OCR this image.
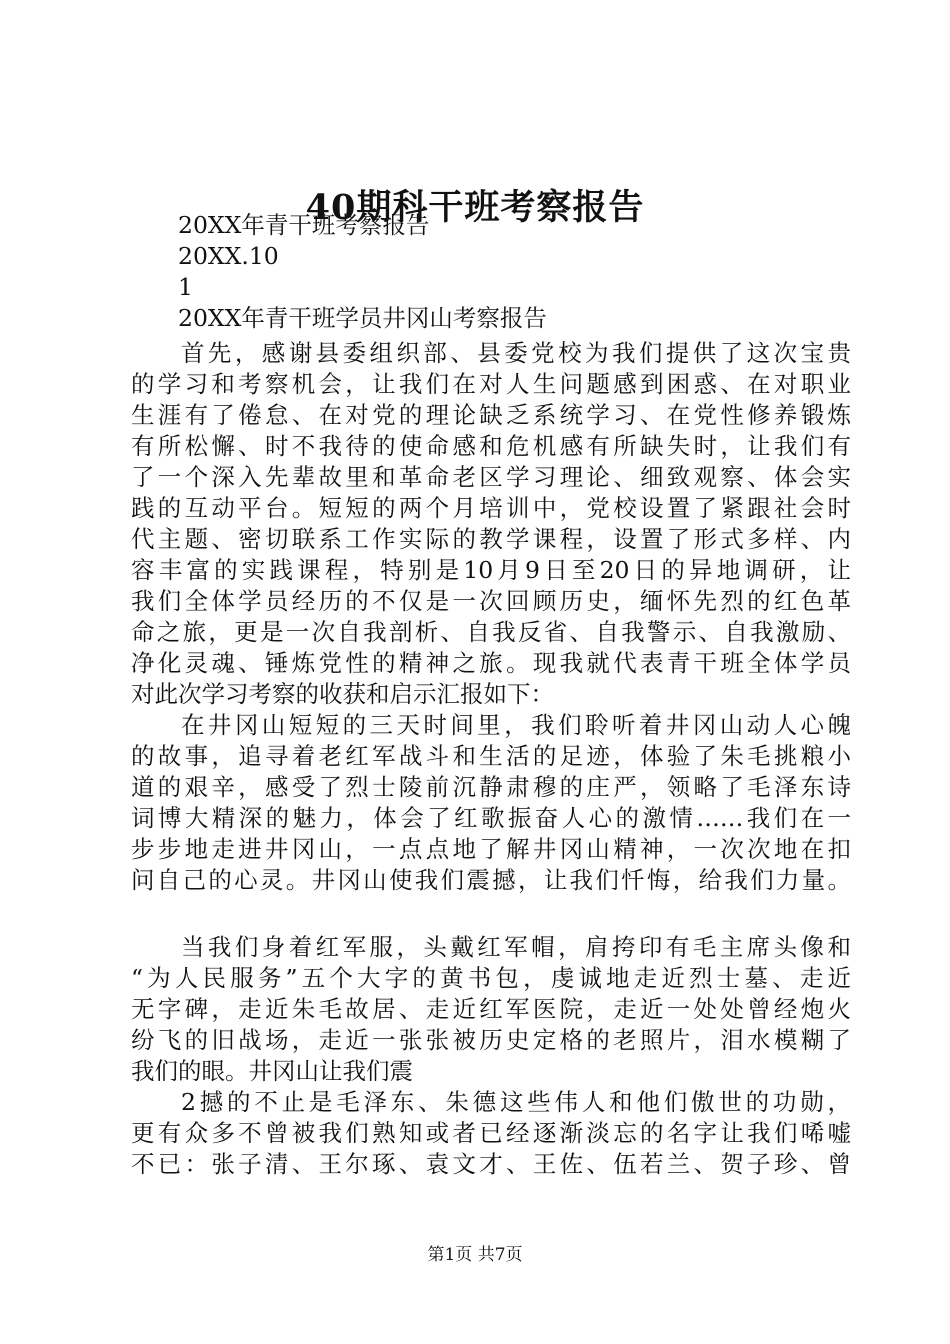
40期科干班考察报告
20XX年青干班考察报告
20XX.10
1
20XX年青干班学员井冈山考察报告
首先，感谢县委组织部、县委党校为我们提供了这次宝贵
的学习和考察机会，让我们在对人生问题感到困惑、在对职业
生涯有了倦怠、在对党的理论缺乏系统学习、在党性修养锻炼
有所松懈、时不我待的使命感和危机感有所缺失时，让我们有
了一个深入先辈故里和革命老区学习理论、细致观察、体会实
践的互动平台。短短的两个月培训中，党校设置了紧跟社会时
代主题、密切联系工作实际的教学课程，设置了形式多样、内
容丰富的实践课程，特别是10月9日至20日的异地调研，让
我们全体学员经历的不仅是一次回顾历史，缅怀先烈的红色革
命之旅，更是一次自我剖析、自我反省、自我警示、自我激励、
净化灵魂、锤炼党性的精神之旅。现我就代表青干班全体学员
对此次学习考察的收获和启示汇报如下：
在井冈山短短的三天时间里，我们聆听着井冈山动人心魄
的故事，追寻着老红军战斗和生活的足迹，体验了朱毛挑粮小
道的艰辛，感受了烈士陵前沉静肃穆的庄严，领略了毛泽东诗
词博大精深的魅力，体会了红歌振奋人心的激情……我们在一
步步地走进井冈山，一点点地了解井冈山精神，一次次地在扣
问自己的心灵。井冈山使我们震撼，让我们忏悔，给我们力量。
当我们身着红军服，头戴红军帽，肩挎印有毛主席头像和
“为人民服务”五个大字的黄书包，虔诚地走近烈士墓、走近
无字碑，走近朱毛故居、走近红军医院，走近一处处曾经炮火
纷飞的旧战场，走近一张张被历史定格的老照片，泪水模糊了
我们的眼。井冈山让我们震
2撼的不止是毛泽东、朱德这些伟人和他们傲世的功勋，
更有众多不曾被我们熟知或者已经逐渐淡忘的名字让我们唏嘘
不已：张子清、王尔琢、袁文才、王佐、伍若兰、贺子珍、曾
第1页 共7页
